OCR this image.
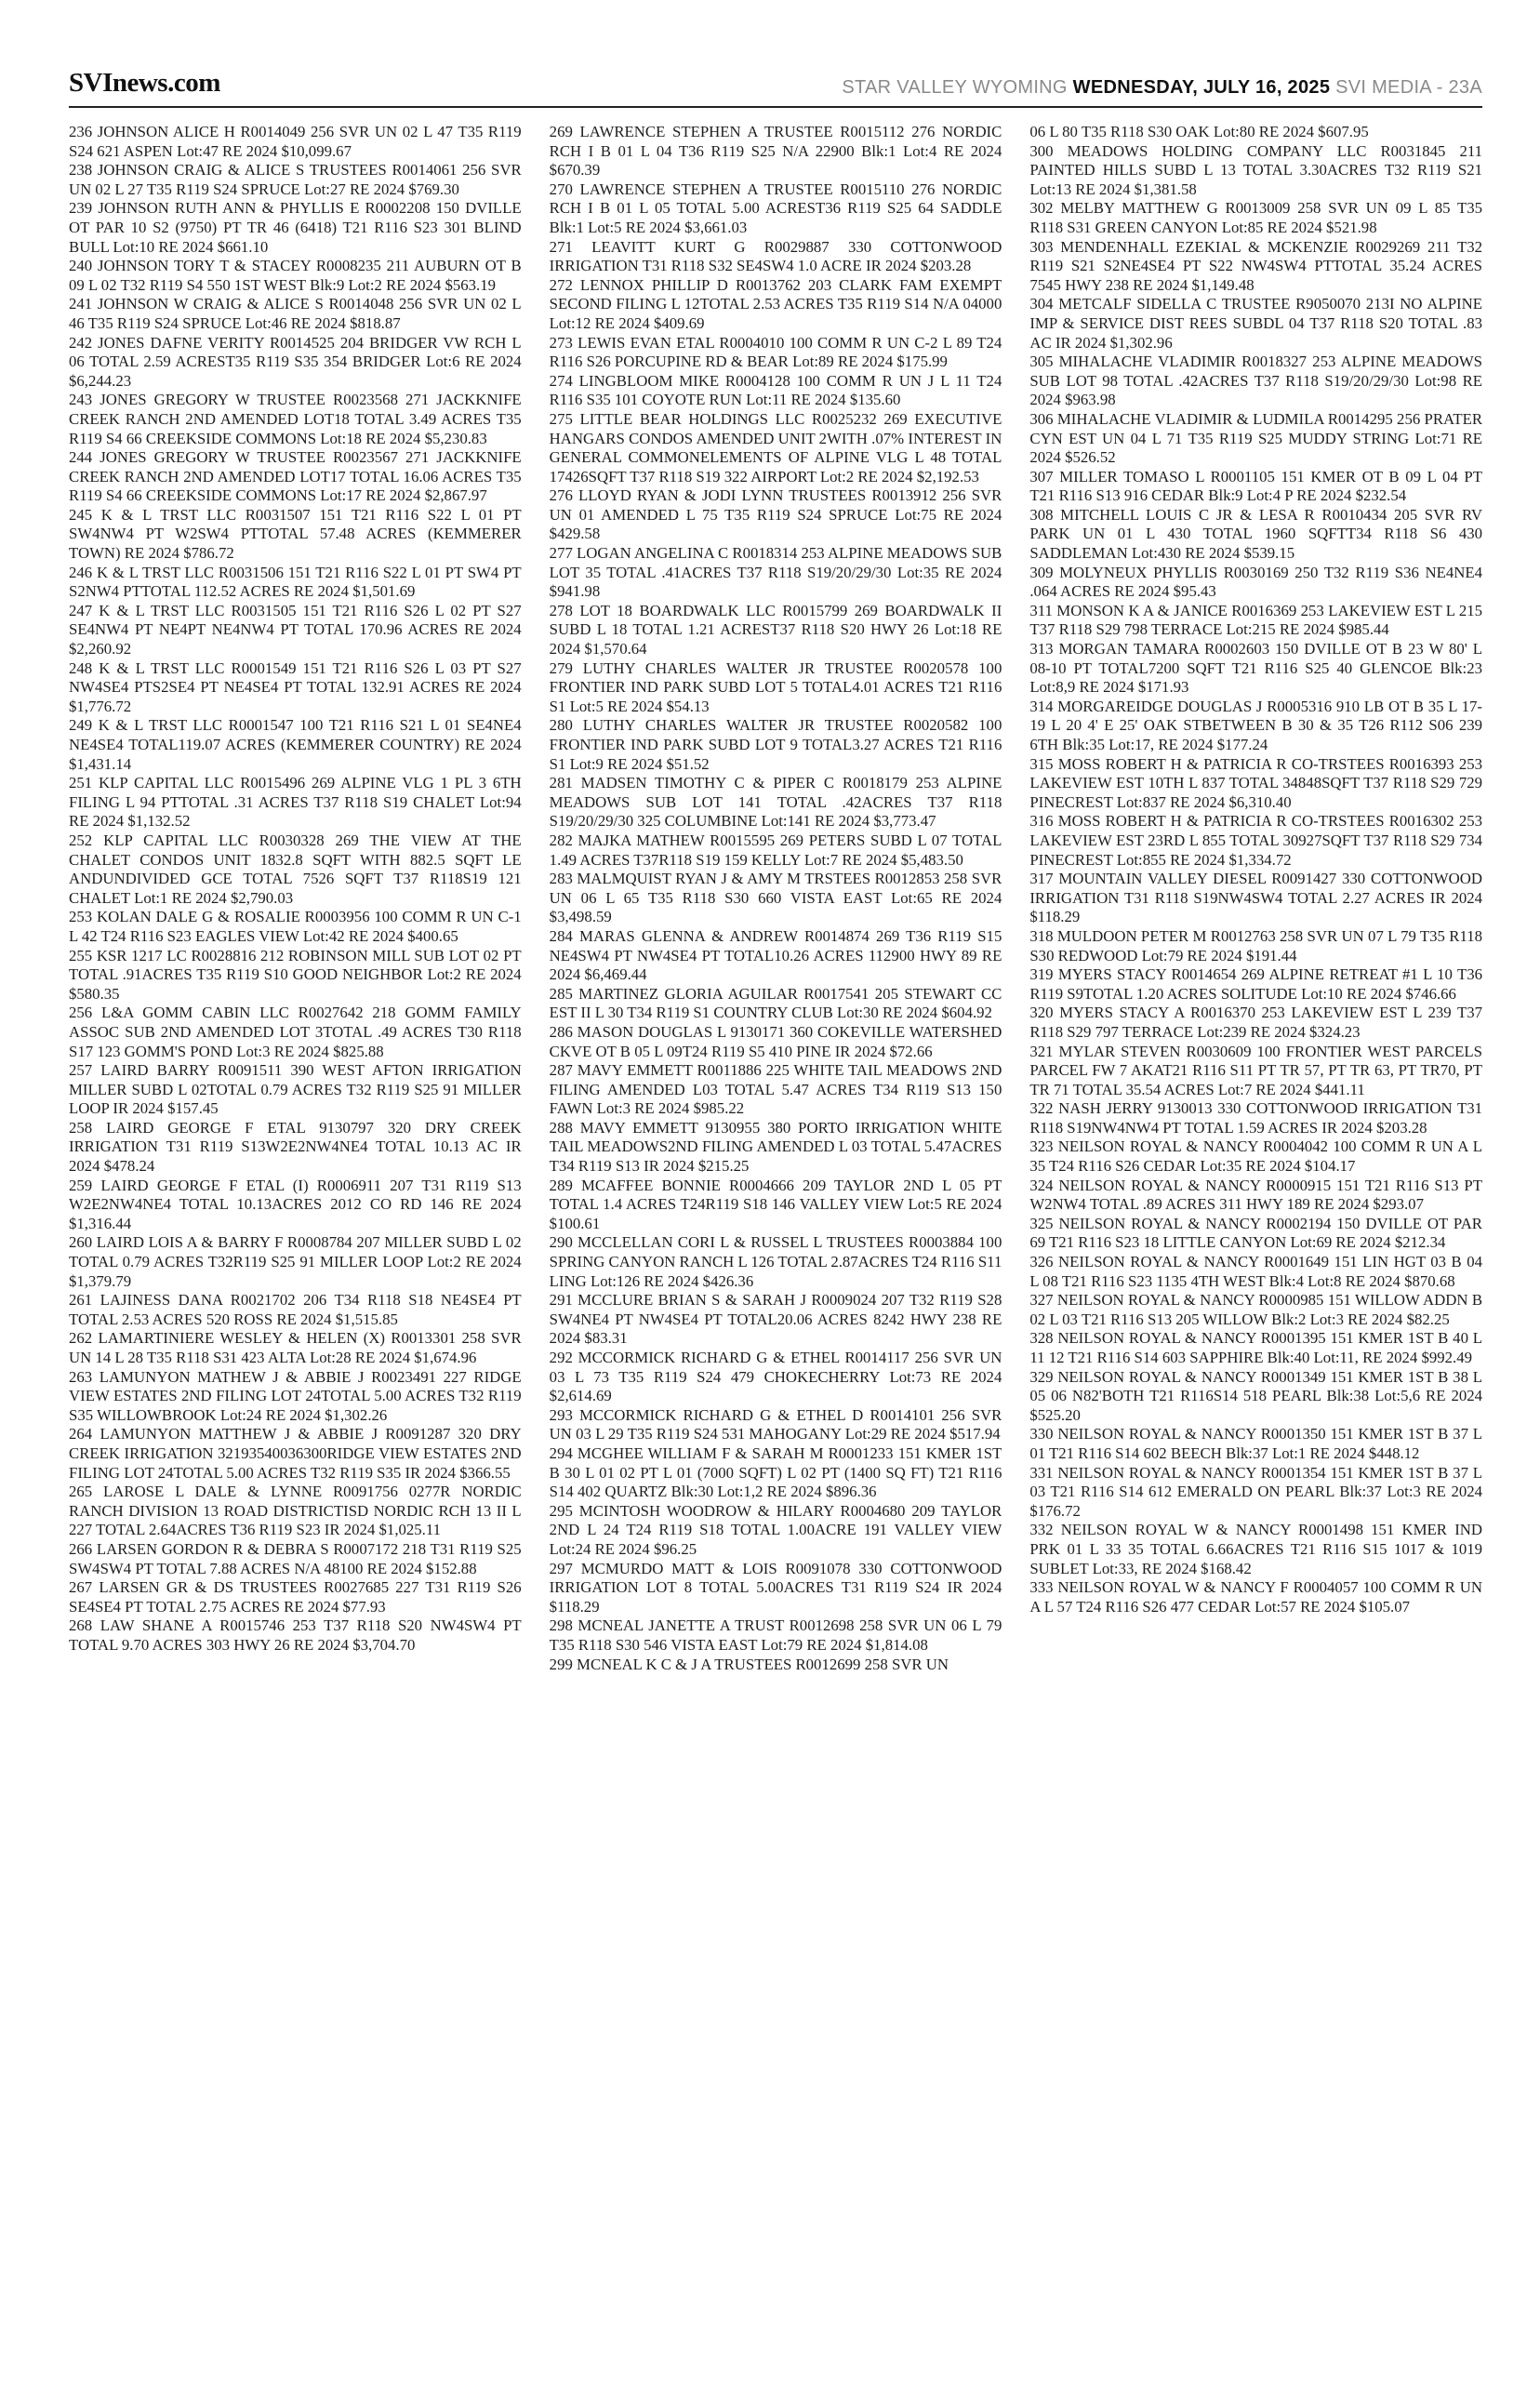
SVInews.com	STAR VALLEY WYOMING WEDNESDAY, JULY 16, 2025 SVI MEDIA - 23A

236 JOHNSON ALICE H R0014049 256 SVR UN 02 L 47 T35 R119 S24 621 ASPEN Lot:47 RE 2024 $10,099.67

238 JOHNSON CRAIG & ALICE S TRUSTEES R0014061 256 SVR UN 02 L 27 T35 R119 S24 SPRUCE Lot:27 RE 2024 $769.30

239 JOHNSON RUTH ANN & PHYLLIS E R0002208 150 DVILLE OT PAR 10 S2 (9750) PT TR 46 (6418) T21 R116 S23 301 BLIND BULL Lot:10 RE 2024 $661.10

240 JOHNSON TORY T & STACEY R0008235 211 AUBURN OT B 09 L 02 T32 R119 S4 550 1ST WEST Blk:9 Lot:2 RE 2024 $563.19

241 JOHNSON W CRAIG & ALICE S R0014048 256 SVR UN 02 L 46 T35 R119 S24 SPRUCE Lot:46 RE 2024 $818.87

242 JONES DAFNE VERITY R0014525 204 BRIDGER VW RCH L 06 TOTAL 2.59 ACREST35 R119 S35 354 BRIDGER Lot:6 RE 2024 $6,244.23

243 JONES GREGORY W TRUSTEE R0023568 271 JACKKNIFE CREEK RANCH 2ND AMENDED LOT18 TOTAL 3.49 ACRES T35 R119 S4 66 CREEKSIDE COMMONS Lot:18 RE 2024 $5,230.83

244 JONES GREGORY W TRUSTEE R0023567 271 JACKKNIFE CREEK RANCH 2ND AMENDED LOT17 TOTAL 16.06 ACRES T35 R119 S4 66 CREEKSIDE COMMONS Lot:17 RE 2024 $2,867.97

245 K & L TRST LLC R0031507 151 T21 R116 S22 L 01 PT SW4NW4 PT W2SW4 PTTOTAL 57.48 ACRES (KEMMERER TOWN) RE 2024 $786.72

246 K & L TRST LLC R0031506 151 T21 R116 S22 L 01 PT SW4 PT S2NW4 PTTOTAL 112.52 ACRES RE 2024 $1,501.69

247 K & L TRST LLC R0031505 151 T21 R116 S26 L 02 PT S27 SE4NW4 PT NE4PT NE4NW4 PT TOTAL 170.96 ACRES RE 2024 $2,260.92

248 K & L TRST LLC R0001549 151 T21 R116 S26 L 03 PT S27 NW4SE4 PTS2SE4 PT NE4SE4 PT TOTAL 132.91 ACRES RE 2024 $1,776.72

249 K & L TRST LLC R0001547 100 T21 R116 S21 L 01 SE4NE4 NE4SE4 TOTAL119.07 ACRES (KEMMERER COUNTRY) RE 2024 $1,431.14

251 KLP CAPITAL LLC R0015496 269 ALPINE VLG 1 PL 3 6TH FILING L 94 PTTOTAL .31 ACRES T37 R118 S19 CHALET Lot:94 RE 2024 $1,132.52

252 KLP CAPITAL LLC R0030328 269 THE VIEW AT THE CHALET CONDOS UNIT 1832.8 SQFT WITH 882.5 SQFT LE ANDUNDIVIDED GCE TOTAL 7526 SQFT T37 R118S19 121 CHALET Lot:1 RE 2024 $2,790.03

253 KOLAN DALE G & ROSALIE R0003956 100 COMM R UN C-1 L 42 T24 R116 S23 EAGLES VIEW Lot:42 RE 2024 $400.65

255 KSR 1217 LC R0028816 212 ROBINSON MILL SUB LOT 02 PT TOTAL .91ACRES T35 R119 S10 GOOD NEIGHBOR Lot:2 RE 2024 $580.35

256 L&A GOMM CABIN LLC R0027642 218 GOMM FAMILY ASSOC SUB 2ND AMENDED LOT 3TOTAL .49 ACRES T30 R118 S17 123 GOMM'S POND Lot:3 RE 2024 $825.88

257 LAIRD BARRY R0091511 390 WEST AFTON IRRIGATION MILLER SUBD L 02TOTAL 0.79 ACRES T32 R119 S25 91 MILLER LOOP IR 2024 $157.45

258 LAIRD GEORGE F ETAL 9130797 320 DRY CREEK IRRIGATION T31 R119 S13W2E2NW4NE4 TOTAL 10.13 AC IR 2024 $478.24

259 LAIRD GEORGE F ETAL (I) R0006911 207 T31 R119 S13 W2E2NW4NE4 TOTAL 10.13ACRES 2012 CO RD 146 RE 2024 $1,316.44

260 LAIRD LOIS A & BARRY F R0008784 207 MILLER SUBD L 02 TOTAL 0.79 ACRES T32R119 S25 91 MILLER LOOP Lot:2 RE 2024 $1,379.79

261 LAJINESS DANA R0021702 206 T34 R118 S18 NE4SE4 PT TOTAL 2.53 ACRES 520 ROSS RE 2024 $1,515.85

262 LAMARTINIERE WESLEY & HELEN (X) R0013301 258 SVR UN 14 L 28 T35 R118 S31 423 ALTA Lot:28 RE 2024 $1,674.96

263 LAMUNYON MATHEW J & ABBIE J R0023491 227 RIDGE VIEW ESTATES 2ND FILING LOT 24TOTAL 5.00 ACRES T32 R119 S35 WILLOWBROOK Lot:24 RE 2024 $1,302.26

264 LAMUNYON MATTHEW J & ABBIE J R0091287 320 DRY CREEK IRRIGATION 32193540036300RIDGE VIEW ESTATES 2ND FILING LOT 24TOTAL 5.00 ACRES T32 R119 S35 IR 2024 $366.55

265 LAROSE L DALE & LYNNE R0091756 0277R NORDIC RANCH DIVISION 13 ROAD DISTRICTISD NORDIC RCH 13 II L 227 TOTAL 2.64ACRES T36 R119 S23 IR 2024 $1,025.11

266 LARSEN GORDON R & DEBRA S R0007172 218 T31 R119 S25 SW4SW4 PT TOTAL 7.88 ACRES N/A 48100 RE 2024 $152.88

267 LARSEN GR & DS TRUSTEES R0027685 227 T31 R119 S26 SE4SE4 PT TOTAL 2.75 ACRES RE 2024 $77.93

268 LAW SHANE A R0015746 253 T37 R118 S20 NW4SW4 PT TOTAL 9.70 ACRES 303 HWY 26 RE 2024 $3,704.70

269 LAWRENCE STEPHEN A TRUSTEE R0015112 276 NORDIC RCH I B 01 L 04 T36 R119 S25 N/A 22900 Blk:1 Lot:4 RE 2024 $670.39

270 LAWRENCE STEPHEN A TRUSTEE R0015110 276 NORDIC RCH I B 01 L 05 TOTAL 5.00 ACREST36 R119 S25 64 SADDLE Blk:1 Lot:5 RE 2024 $3,661.03

271 LEAVITT KURT G R0029887 330 COTTONWOOD IRRIGATION T31 R118 S32 SE4SW4 1.0 ACRE IR 2024 $203.28

272 LENNOX PHILLIP D R0013762 203 CLARK FAM EXEMPT SECOND FILING L 12TOTAL 2.53 ACRES T35 R119 S14 N/A 04000 Lot:12 RE 2024 $409.69

273 LEWIS EVAN ETAL R0004010 100 COMM R UN C-2 L 89 T24 R116 S26 PORCUPINE RD & BEAR Lot:89 RE 2024 $175.99

274 LINGBLOOM MIKE R0004128 100 COMM R UN J L 11 T24 R116 S35 101 COYOTE RUN Lot:11 RE 2024 $135.60

275 LITTLE BEAR HOLDINGS LLC R0025232 269 EXECUTIVE HANGARS CONDOS AMENDED UNIT 2WITH .07% INTEREST IN GENERAL COMMONELEMENTS OF ALPINE VLG L 48 TOTAL 17426SQFT T37 R118 S19 322 AIRPORT Lot:2 RE 2024 $2,192.53

276 LLOYD RYAN & JODI LYNN TRUSTEES R0013912 256 SVR UN 01 AMENDED L 75 T35 R119 S24 SPRUCE Lot:75 RE 2024 $429.58

277 LOGAN ANGELINA C R0018314 253 ALPINE MEADOWS SUB LOT 35 TOTAL .41ACRES T37 R118 S19/20/29/30 Lot:35 RE 2024 $941.98

278 LOT 18 BOARDWALK LLC R0015799 269 BOARDWALK II SUBD L 18 TOTAL 1.21 ACREST37 R118 S20 HWY 26 Lot:18 RE 2024 $1,570.64

279 LUTHY CHARLES WALTER JR TRUSTEE R0020578 100 FRONTIER IND PARK SUBD LOT 5 TOTAL4.01 ACRES T21 R116 S1 Lot:5 RE 2024 $54.13

280 LUTHY CHARLES WALTER JR TRUSTEE R0020582 100 FRONTIER IND PARK SUBD LOT 9 TOTAL3.27 ACRES T21 R116 S1 Lot:9 RE 2024 $51.52

281 MADSEN TIMOTHY C & PIPER C R0018179 253 ALPINE MEADOWS SUB LOT 141 TOTAL .42ACRES T37 R118 S19/20/29/30 325 COLUMBINE Lot:141 RE 2024 $3,773.47

282 MAJKA MATHEW R0015595 269 PETERS SUBD L 07 TOTAL 1.49 ACRES T37R118 S19 159 KELLY Lot:7 RE 2024 $5,483.50

283 MALMQUIST RYAN J & AMY M TRSTEES R0012853 258 SVR UN 06 L 65 T35 R118 S30 660 VISTA EAST Lot:65 RE 2024 $3,498.59

284 MARAS GLENNA & ANDREW R0014874 269 T36 R119 S15 NE4SW4 PT NW4SE4 PT TOTAL10.26 ACRES 112900 HWY 89 RE 2024 $6,469.44

285 MARTINEZ GLORIA AGUILAR R0017541 205 STEWART CC EST II L 30 T34 R119 S1 COUNTRY CLUB Lot:30 RE 2024 $604.92

286 MASON DOUGLAS L 9130171 360 COKEVILLE WATERSHED CKVE OT B 05 L 09T24 R119 S5 410 PINE IR 2024 $72.66

287 MAVY EMMETT R0011886 225 WHITE TAIL MEADOWS 2ND FILING AMENDED L03 TOTAL 5.47 ACRES T34 R119 S13 150 FAWN Lot:3 RE 2024 $985.22

288 MAVY EMMETT 9130955 380 PORTO IRRIGATION WHITE TAIL MEADOWS2ND FILING AMENDED L 03 TOTAL 5.47ACRES T34 R119 S13 IR 2024 $215.25

289 MCAFFEE BONNIE R0004666 209 TAYLOR 2ND L 05 PT TOTAL 1.4 ACRES T24R119 S18 146 VALLEY VIEW Lot:5 RE 2024 $100.61

290 MCCLELLAN CORI L & RUSSEL L TRUSTEES R0003884 100 SPRING CANYON RANCH L 126 TOTAL 2.87ACRES T24 R116 S11 LING Lot:126 RE 2024 $426.36

291 MCCLURE BRIAN S & SARAH J R0009024 207 T32 R119 S28 SW4NE4 PT NW4SE4 PT TOTAL20.06 ACRES 8242 HWY 238 RE 2024 $83.31

292 MCCORMICK RICHARD G & ETHEL R0014117 256 SVR UN 03 L 73 T35 R119 S24 479 CHOKECHERRY Lot:73 RE 2024 $2,614.69

293 MCCORMICK RICHARD G & ETHEL D R0014101 256 SVR UN 03 L 29 T35 R119 S24 531 MAHOGANY Lot:29 RE 2024 $517.94

294 MCGHEE WILLIAM F & SARAH M R0001233 151 KMER 1ST B 30 L 01 02 PT L 01 (7000 SQFT) L 02 PT (1400 SQ FT) T21 R116 S14 402 QUARTZ Blk:30 Lot:1,2 RE 2024 $896.36

295 MCINTOSH WOODROW & HILARY R0004680 209 TAYLOR 2ND L 24 T24 R119 S18 TOTAL 1.00ACRE 191 VALLEY VIEW Lot:24 RE 2024 $96.25

297 MCMURDO MATT & LOIS R0091078 330 COTTONWOOD IRRIGATION LOT 8 TOTAL 5.00ACRES T31 R119 S24 IR 2024 $118.29

298 MCNEAL JANETTE A TRUST R0012698 258 SVR UN 06 L 79 T35 R118 S30 546 VISTA EAST Lot:79 RE 2024 $1,814.08

299 MCNEAL K C & J A TRUSTEES R0012699 258 SVR UN

06 L 80 T35 R118 S30 OAK Lot:80 RE 2024 $607.95

300 MEADOWS HOLDING COMPANY LLC R0031845 211 PAINTED HILLS SUBD L 13 TOTAL 3.30ACRES T32 R119 S21 Lot:13 RE 2024 $1,381.58

302 MELBY MATTHEW G R0013009 258 SVR UN 09 L 85 T35 R118 S31 GREEN CANYON Lot:85 RE 2024 $521.98

303 MENDENHALL EZEKIAL & MCKENZIE R0029269 211 T32 R119 S21 S2NE4SE4 PT S22 NW4SW4 PTTOTAL 35.24 ACRES 7545 HWY 238 RE 2024 $1,149.48

304 METCALF SIDELLA C TRUSTEE R9050070 213I NO ALPINE IMP & SERVICE DIST REES SUBDL 04 T37 R118 S20 TOTAL .83 AC IR 2024 $1,302.96

305 MIHALACHE VLADIMIR R0018327 253 ALPINE MEADOWS SUB LOT 98 TOTAL .42ACRES T37 R118 S19/20/29/30 Lot:98 RE 2024 $963.98

306 MIHALACHE VLADIMIR & LUDMILA R0014295 256 PRATER CYN EST UN 04 L 71 T35 R119 S25 MUDDY STRING Lot:71 RE 2024 $526.52

307 MILLER TOMASO L R0001105 151 KMER OT B 09 L 04 PT T21 R116 S13 916 CEDAR Blk:9 Lot:4 P RE 2024 $232.54

308 MITCHELL LOUIS C JR & LESA R R0010434 205 SVR RV PARK UN 01 L 430 TOTAL 1960 SQFTT34 R118 S6 430 SADDLEMAN Lot:430 RE 2024 $539.15

309 MOLYNEUX PHYLLIS R0030169 250 T32 R119 S36 NE4NE4 .064 ACRES RE 2024 $95.43

311 MONSON K A & JANICE R0016369 253 LAKEVIEW EST L 215 T37 R118 S29 798 TERRACE Lot:215 RE 2024 $985.44

313 MORGAN TAMARA R0002603 150 DVILLE OT B 23 W 80' L 08-10 PT TOTAL7200 SQFT T21 R116 S25 40 GLENCOE Blk:23 Lot:8,9 RE 2024 $171.93

314 MORGAREIDGE DOUGLAS J R0005316 910 LB OT B 35 L 17-19 L 20 4' E 25' OAK STBETWEEN B 30 & 35 T26 R112 S06 239 6TH Blk:35 Lot:17, RE 2024 $177.24

315 MOSS ROBERT H & PATRICIA R CO-TRSTEES R0016393 253 LAKEVIEW EST 10TH L 837 TOTAL 34848SQFT T37 R118 S29 729 PINECREST Lot:837 RE 2024 $6,310.40

316 MOSS ROBERT H & PATRICIA R CO-TRSTEES R0016302 253 LAKEVIEW EST 23RD L 855 TOTAL 30927SQFT T37 R118 S29 734 PINECREST Lot:855 RE 2024 $1,334.72

317 MOUNTAIN VALLEY DIESEL R0091427 330 COTTONWOOD IRRIGATION T31 R118 S19NW4SW4 TOTAL 2.27 ACRES IR 2024 $118.29

318 MULDOON PETER M R0012763 258 SVR UN 07 L 79 T35 R118 S30 REDWOOD Lot:79 RE 2024 $191.44

319 MYERS STACY R0014654 269 ALPINE RETREAT #1 L 10 T36 R119 S9TOTAL 1.20 ACRES SOLITUDE Lot:10 RE 2024 $746.66

320 MYERS STACY A R0016370 253 LAKEVIEW EST L 239 T37 R118 S29 797 TERRACE Lot:239 RE 2024 $324.23

321 MYLAR STEVEN R0030609 100 FRONTIER WEST PARCELS PARCEL FW 7 AKAT21 R116 S11 PT TR 57, PT TR 63, PT TR70, PT TR 71 TOTAL 35.54 ACRES Lot:7 RE 2024 $441.11

322 NASH JERRY 9130013 330 COTTONWOOD IRRIGATION T31 R118 S19NW4NW4 PT TOTAL 1.59 ACRES IR 2024 $203.28

323 NEILSON ROYAL & NANCY R0004042 100 COMM R UN A L 35 T24 R116 S26 CEDAR Lot:35 RE 2024 $104.17

324 NEILSON ROYAL & NANCY R0000915 151 T21 R116 S13 PT W2NW4 TOTAL .89 ACRES 311 HWY 189 RE 2024 $293.07

325 NEILSON ROYAL & NANCY R0002194 150 DVILLE OT PAR 69 T21 R116 S23 18 LITTLE CANYON Lot:69 RE 2024 $212.34

326 NEILSON ROYAL & NANCY R0001649 151 LIN HGT 03 B 04 L 08 T21 R116 S23 1135 4TH WEST Blk:4 Lot:8 RE 2024 $870.68

327 NEILSON ROYAL & NANCY R0000985 151 WILLOW ADDN B 02 L 03 T21 R116 S13 205 WILLOW Blk:2 Lot:3 RE 2024 $82.25

328 NEILSON ROYAL & NANCY R0001395 151 KMER 1ST B 40 L 11 12 T21 R116 S14 603 SAPPHIRE Blk:40 Lot:11, RE 2024 $992.49

329 NEILSON ROYAL & NANCY R0001349 151 KMER 1ST B 38 L 05 06 N82'BOTH T21 R116S14 518 PEARL Blk:38 Lot:5,6 RE 2024 $525.20

330 NEILSON ROYAL & NANCY R0001350 151 KMER 1ST B 37 L 01 T21 R116 S14 602 BEECH Blk:37 Lot:1 RE 2024 $448.12

331 NEILSON ROYAL & NANCY R0001354 151 KMER 1ST B 37 L 03 T21 R116 S14 612 EMERALD ON PEARL Blk:37 Lot:3 RE 2024 $176.72

332 NEILSON ROYAL W & NANCY R0001498 151 KMER IND PRK 01 L 33 35 TOTAL 6.66ACRES T21 R116 S15 1017 & 1019 SUBLET Lot:33, RE 2024 $168.42

333 NEILSON ROYAL W & NANCY F R0004057 100 COMM R UN A L 57 T24 R116 S26 477 CEDAR Lot:57 RE 2024 $105.07
